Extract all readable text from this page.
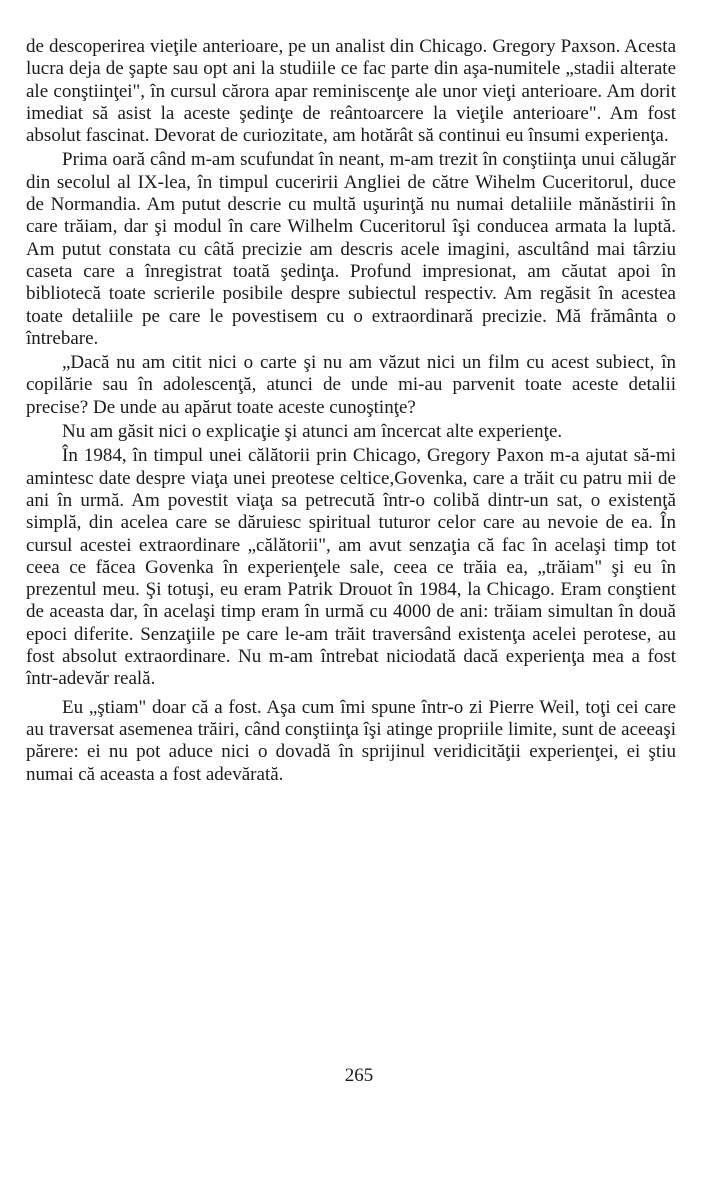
de descoperirea vieţile anterioare, pe un analist din Chicago. Gregory Paxson. Acesta lucra deja de şapte sau opt ani la studiile ce fac parte din aşa-numitele „stadii alterate ale conştiinţei", în cursul cărora apar reminiscenţe ale unor vieţi anterioare. Am dorit imediat să asist la aceste şedinţe de reântoarcere la vieţile anterioare". Am fost absolut fascinat. Devorat de curiozitate, am hotărât să continui eu însumi experienţa.

Prima oară când m-am scufundat în neant, m-am trezit în conştiinţa unui călugăr din secolul al IX-lea, în timpul cuceririi Angliei de către Wihelm Cuceritorul, duce de Normandia. Am putut descrie cu multă uşurinţă nu numai detaliile mănăstirii în care trăiam, dar şi modul în care Wilhelm Cuceritorul îşi conducea armata la luptă. Am putut constata cu câtă precizie am descris acele imagini, ascultând mai târziu caseta care a înregistrat toată şedinţa. Profund impresionat, am căutat apoi în bibliotecă toate scrierile posibile despre subiectul respectiv. Am regăsit în acestea toate detaliile pe care le povestisem cu o extraordinară precizie. Mă frământa o întrebare.

„Dacă nu am citit nici o carte şi nu am văzut nici un film cu acest subiect, în copilărie sau în adolescenţă, atunci de unde mi-au parvenit toate aceste detalii precise? De unde au apărut toate aceste cunoştinţe?

Nu am găsit nici o explicaţie şi atunci am încercat alte experienţe.

În 1984, în timpul unei călătorii prin Chicago, Gregory Paxon m-a ajutat să-mi amintesc date despre viaţa unei preotese celtice,Govenka, care a trăit cu patru mii de ani în urmă. Am povestit viaţa sa petrecută într-o colibă dintr-un sat, o existenţă simplă, din acelea care se dăruiesc spiritual tuturor celor care au nevoie de ea. În cursul acestei extraordinare „călătorii", am avut senzaţia că fac în acelaşi timp tot ceea ce făcea Govenka în experienţele sale, ceea ce trăia ea, „trăiam" şi eu în prezentul meu. Şi totuşi, eu eram Patrik Drouot în 1984, la Chicago. Eram conştient de aceasta dar, în acelaşi timp eram în urmă cu 4000 de ani: trăiam simultan în două epoci diferite. Senzaţiile pe care le-am trăit traversând existenţa acelei perotese, au fost absolut extraordinare. Nu m-am întrebat niciodată dacă experienţa mea a fost într-adevăr reală.

Eu „ştiam" doar că a fost. Aşa cum îmi spune într-o zi Pierre Weil, toţi cei care au traversat asemenea trăiri, când conştiinţa îşi atinge propriile limite, sunt de aceeaşi părere: ei nu pot aduce nici o dovadă în sprijinul veridicităţii experienţei, ei ştiu numai că aceasta a fost adevărată.

265
